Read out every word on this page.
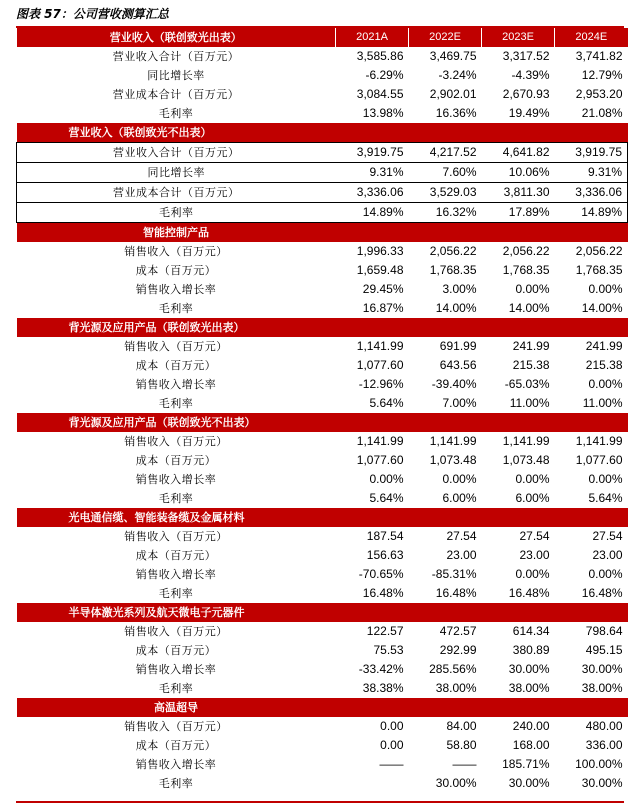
图表 57：公司营收测算汇总
营业收入（联创致光出表）	2021A	2022E	2023E	2024E
营业收入合计（百万元）	3,585.86	3,469.75	3,317.52	3,741.82
同比增长率	-6.29%	-3.24%	-4.39%	12.79%
营业成本合计（百万元）	3,084.55	2,902.01	2,670.93	2,953.20
毛利率	13.98%	16.36%	19.49%	21.08%
营业收入（联创致光不出表）				
营业收入合计（百万元）	3,919.75	4,217.52	4,641.82	3,919.75
同比增长率	9.31%	7.60%	10.06%	9.31%
营业成本合计（百万元）	3,336.06	3,529.03	3,811.30	3,336.06
毛利率	14.89%	16.32%	17.89%	14.89%
智能控制产品				
销售收入（百万元）	1,996.33	2,056.22	2,056.22	2,056.22
成本（百万元）	1,659.48	1,768.35	1,768.35	1,768.35
销售收入增长率	29.45%	3.00%	0.00%	0.00%
毛利率	16.87%	14.00%	14.00%	14.00%
背光源及应用产品（联创致光出表）				
销售收入（百万元）	1,141.99	691.99	241.99	241.99
成本（百万元）	1,077.60	643.56	215.38	215.38
销售收入增长率	-12.96%	-39.40%	-65.03%	0.00%
毛利率	5.64%	7.00%	11.00%	11.00%
背光源及应用产品（联创致光不出表）				
销售收入（百万元）	1,141.99	1,141.99	1,141.99	1,141.99
成本（百万元）	1,077.60	1,073.48	1,073.48	1,077.60
销售收入增长率	0.00%	0.00%	0.00%	0.00%
毛利率	5.64%	6.00%	6.00%	5.64%
光电通信缆、智能装备缆及金属材料				
销售收入（百万元）	187.54	27.54	27.54	27.54
成本（百万元）	156.63	23.00	23.00	23.00
销售收入增长率	-70.65%	-85.31%	0.00%	0.00%
毛利率	16.48%	16.48%	16.48%	16.48%
半导体激光系列及航天微电子元器件				
销售收入（百万元）	122.57	472.57	614.34	798.64
成本（百万元）	75.53	292.99	380.89	495.15
销售收入增长率	-33.42%	285.56%	30.00%	30.00%
毛利率	38.38%	38.00%	38.00%	38.00%
高温超导				
销售收入（百万元）	0.00	84.00	240.00	480.00
成本（百万元）	0.00	58.80	168.00	336.00
销售收入增长率	——	——	185.71%	100.00%
毛利率		30.00%	30.00%	30.00%
